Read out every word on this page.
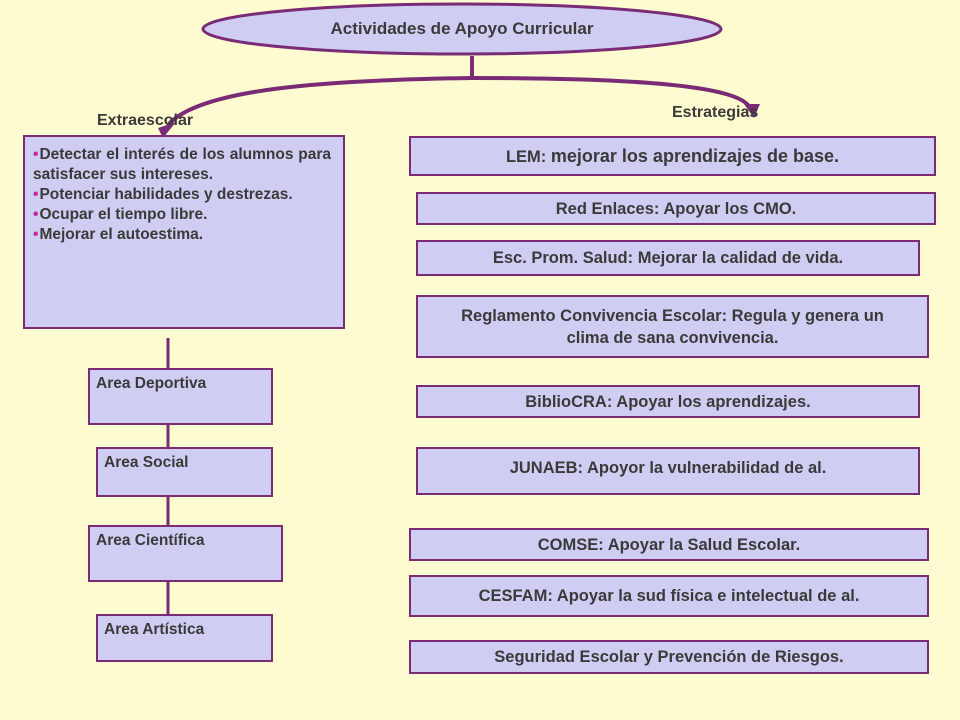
Actividades de Apoyo Curricular
Extraescolar	Estrategias
• Detectar el interés de los alumnos para satisfacer sus intereses.
• Potenciar habilidades y destrezas.
• Ocupar el tiempo libre.
• Mejorar el autoestima.
Area Deportiva
Area Social
Area Científica
Area Artística
LEM: mejorar los aprendizajes de base.
Red Enlaces: Apoyar los CMO.
Esc. Prom. Salud: Mejorar la calidad de vida.
Reglamento Convivencia Escolar: Regula y genera un clima de sana convivencia.
BiblioCRA: Apoyar los aprendizajes.
JUNAEB: Apoyor la vulnerabilidad de al.
COMSE: Apoyar la Salud Escolar.
CESFAM: Apoyar la sud física e intelectual de al.
Seguridad Escolar y Prevención de Riesgos.
